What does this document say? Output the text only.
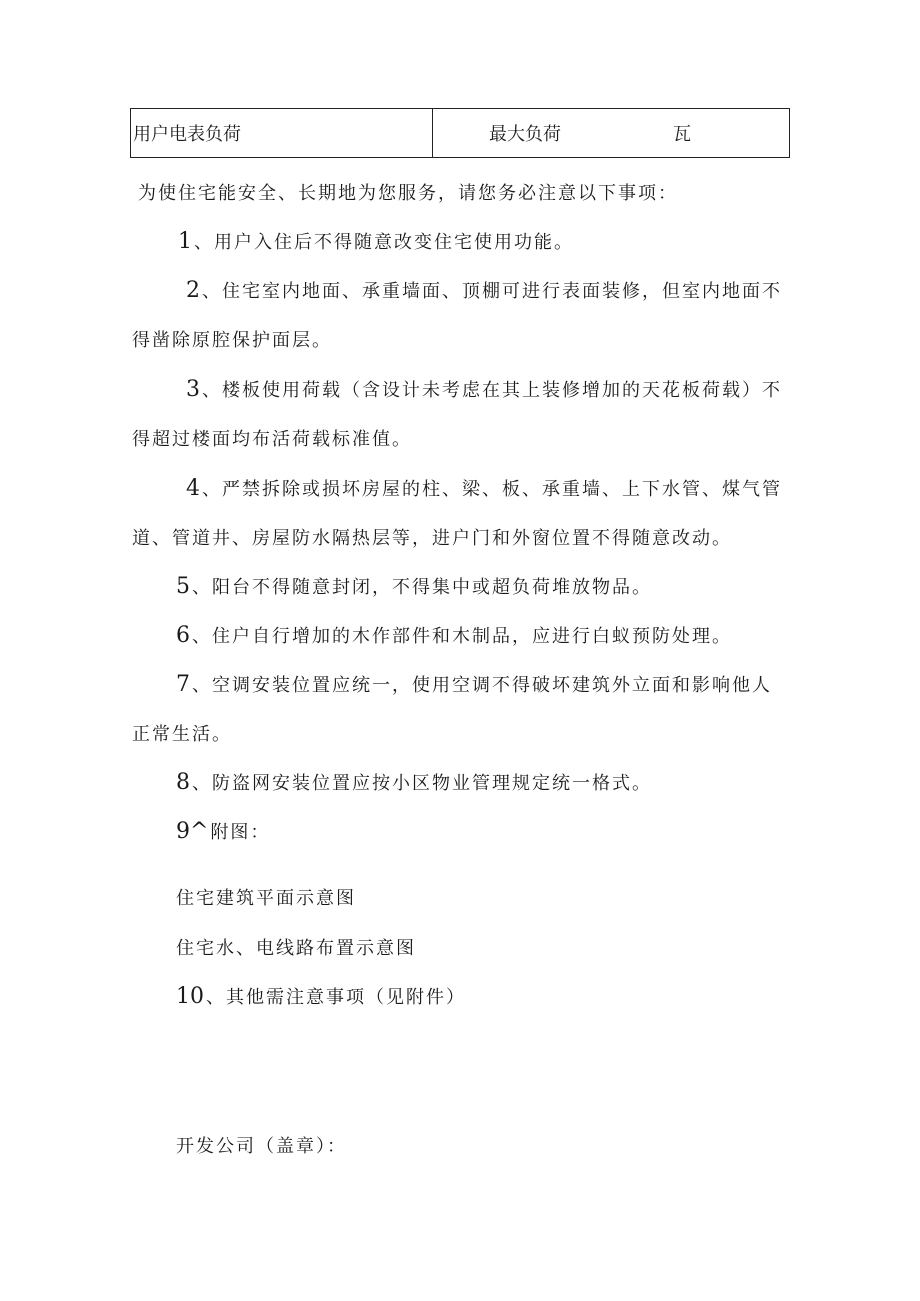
用户电表负荷	最大负荷	瓦
为使住宅能安全、长期地为您服务，请您务必注意以下事项：
1 、用户入住后不得随意改变住宅使用功能。
2 、住宅室内地面、承重墙面、顶棚可进行表面装修，但室内地面不
得凿除原腔保护面层。
3 、楼板使用荷载（含设计未考虑在其上装修增加的天花板荷载）不
得超过楼面均布活荷载标准值。
4 、严禁拆除或损坏房屋的柱、梁、板、承重墙、上下水管、煤气管
道、管道井、房屋防水隔热层等，进户门和外窗位置不得随意改动。
5 、阳台不得随意封闭，不得集中或超负荷堆放物品。
6 、住户自行增加的木作部件和木制品，应进行白蚁预防处理。
7 、空调安装位置应统一，使用空调不得破坏建筑外立面和影响他人
正常生活。
8 、防盗网安装位置应按小区物业管理规定统一格式。
9^ 附图：
住宅建筑平面示意图
住宅水、电线路布置示意图
10 、其他需注意事项（见附件）
开发公司（盖章）：
